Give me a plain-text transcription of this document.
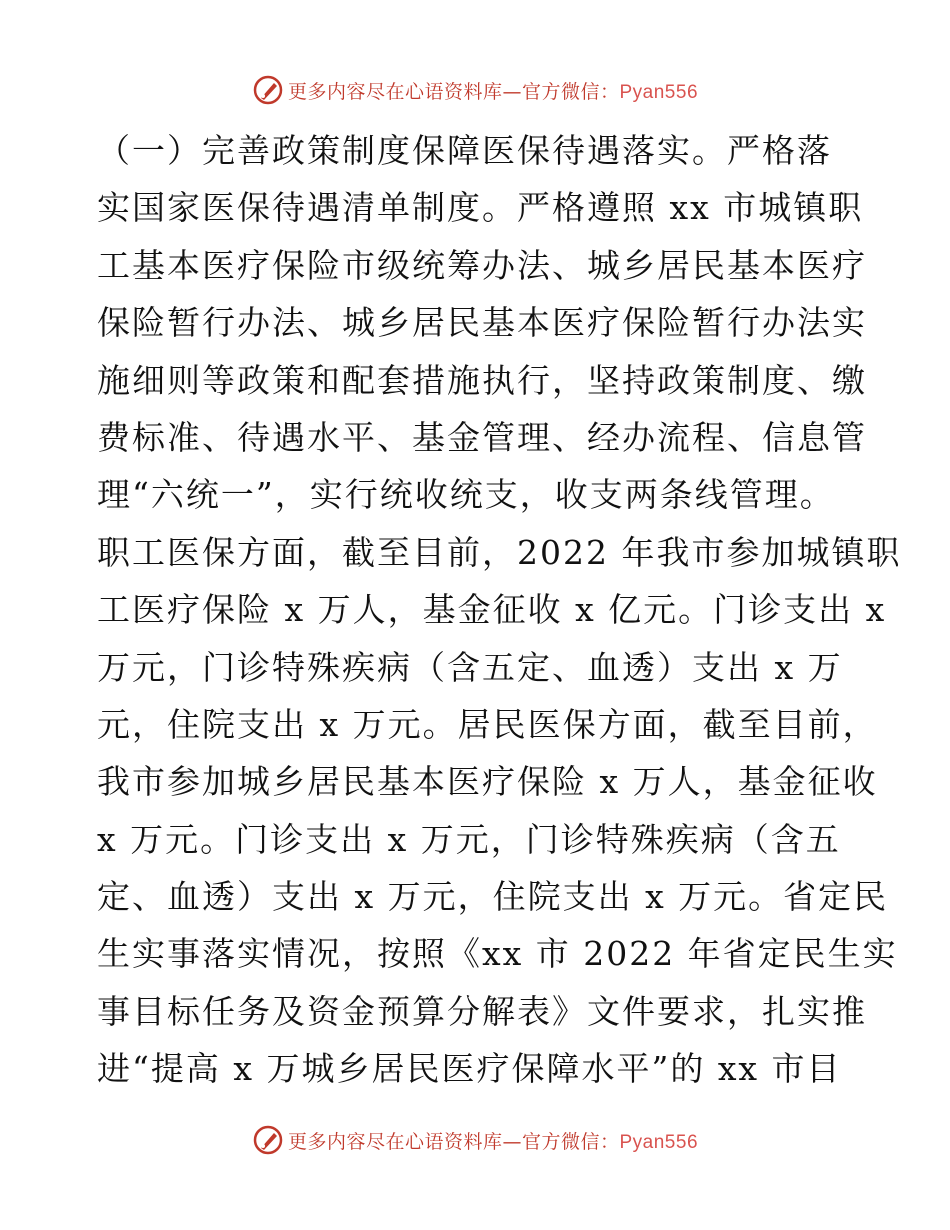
更多内容尽在心语资料库—官方微信：Pyan556
（一）完善政策制度保障医保待遇落实。严格落
实国家医保待遇清单制度。严格遵照 xx 市城镇职
工基本医疗保险市级统筹办法、城乡居民基本医疗
保险暂行办法、城乡居民基本医疗保险暂行办法实
施细则等政策和配套措施执行，坚持政策制度、缴
费标准、待遇水平、基金管理、经办流程、信息管
理“六统一”，实行统收统支，收支两条线管理。
职工医保方面，截至目前，2022 年我市参加城镇职
工医疗保险 x 万人，基金征收 x 亿元。门诊支出 x
万元，门诊特殊疾病（含五定、血透）支出 x 万
元，住院支出 x 万元。居民医保方面，截至目前，
我市参加城乡居民基本医疗保险 x 万人，基金征收
x 万元。门诊支出 x 万元，门诊特殊疾病（含五
定、血透）支出 x 万元，住院支出 x 万元。省定民
生实事落实情况，按照《xx 市 2022 年省定民生实
事目标任务及资金预算分解表》文件要求，扎实推
进“提高 x 万城乡居民医疗保障水平”的 xx 市目
更多内容尽在心语资料库—官方微信：Pyan556
